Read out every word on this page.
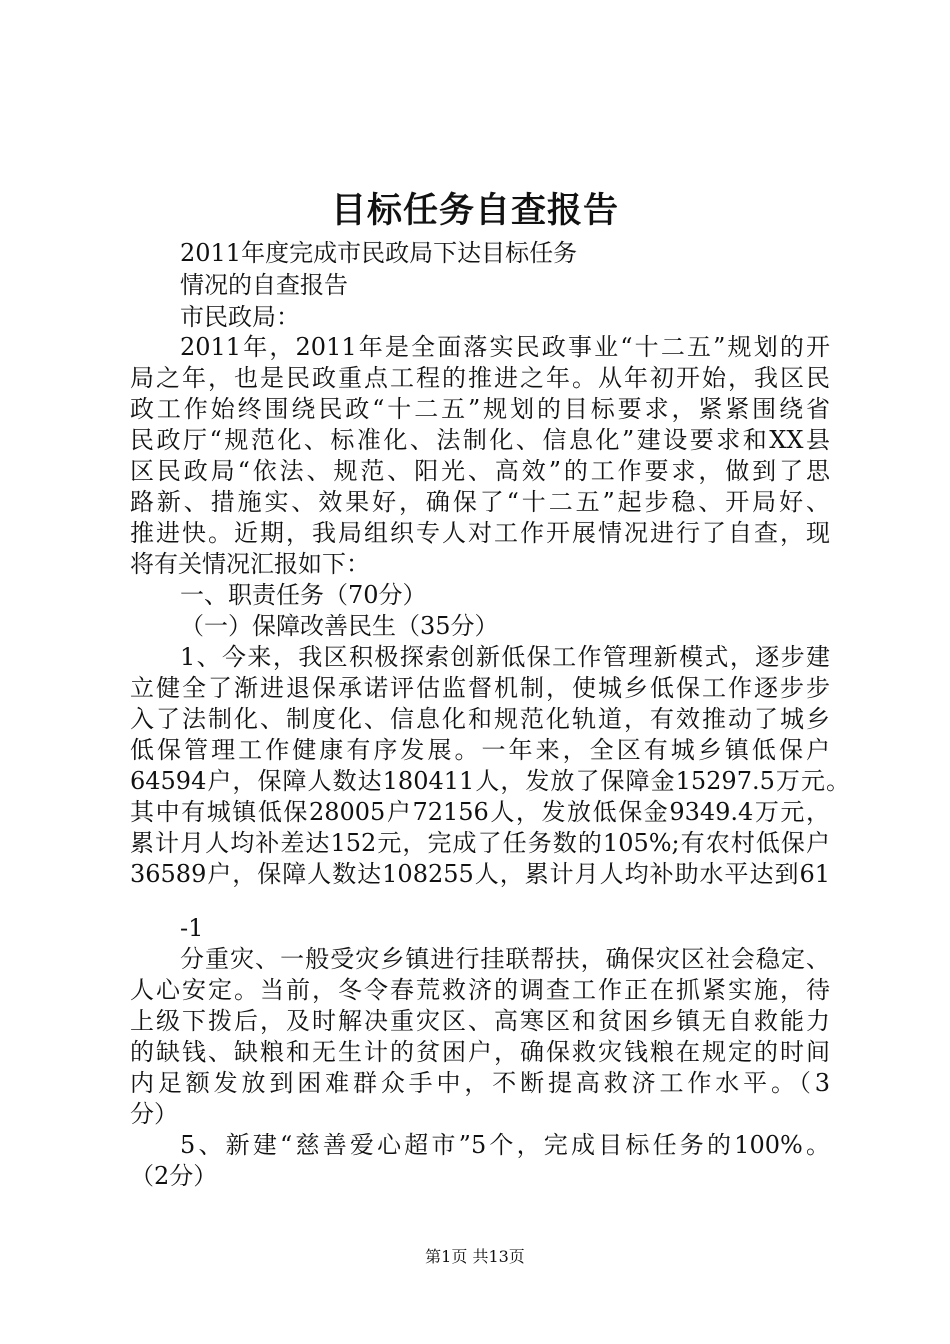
目标任务自查报告
2011年度完成市民政局下达目标任务
情况的自查报告
市民政局：
2011年，2011年是全面落实民政事业“十二五”规划的开
局之年，也是民政重点工程的推进之年。从年初开始，我区民
政工作始终围绕民政“十二五”规划的目标要求，紧紧围绕省
民政厅“规范化、标准化、法制化、信息化”建设要求和XX县
区民政局“依法、规范、阳光、高效”的工作要求，做到了思
路新、措施实、效果好，确保了“十二五”起步稳、开局好、
推进快。近期，我局组织专人对工作开展情况进行了自查，现
将有关情况汇报如下：
一、职责任务（70分）
（一）保障改善民生（35分）
1、今来，我区积极探索创新低保工作管理新模式，逐步建
立健全了渐进退保承诺评估监督机制，使城乡低保工作逐步步
入了法制化、制度化、信息化和规范化轨道，有效推动了城乡
低保管理工作健康有序发展。一年来，全区有城乡镇低保户
64594户，保障人数达180411人，发放了保障金15297.5万元。
其中有城镇低保28005户72156人，发放低保金9349.4万元，
累计月人均补差达152元，完成了任务数的105%;有农村低保户
36589户，保障人数达108255人，累计月人均补助水平达到61
-1
分重灾、一般受灾乡镇进行挂联帮扶，确保灾区社会稳定、
人心安定。当前，冬令春荒救济的调查工作正在抓紧实施，待
上级下拨后，及时解决重灾区、高寒区和贫困乡镇无自救能力
的缺钱、缺粮和无生计的贫困户，确保救灾钱粮在规定的时间
内足额发放到困难群众手中，不断提高救济工作水平。（3
分）
5、新建“慈善爱心超市”5个，完成目标任务的100%。
（2分）
第1页 共13页
